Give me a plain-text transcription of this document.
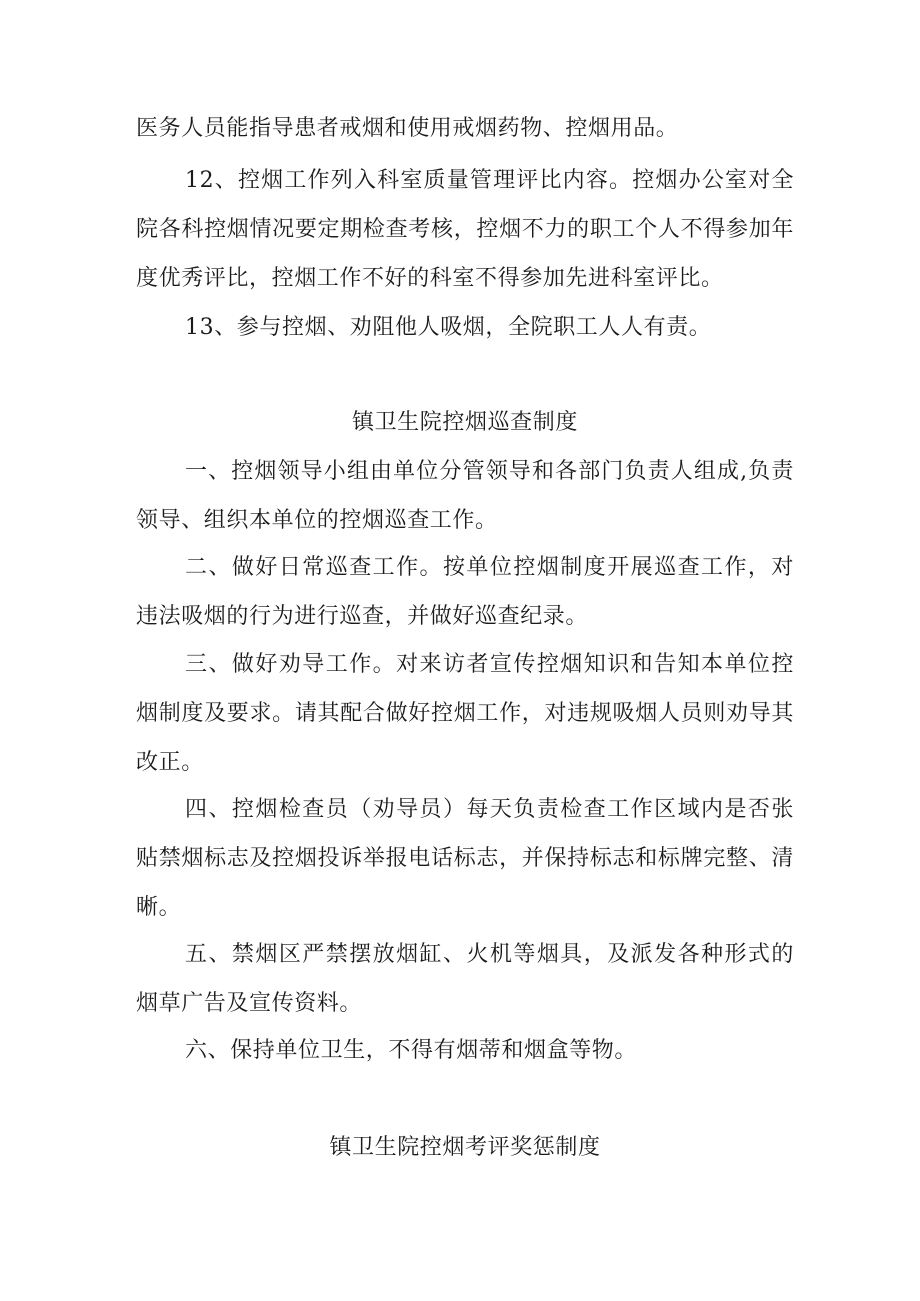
医务人员能指导患者戒烟和使用戒烟药物、控烟用品。

12、控烟工作列入科室质量管理评比内容。控烟办公室对全院各科控烟情况要定期检查考核，控烟不力的职工个人不得参加年度优秀评比，控烟工作不好的科室不得参加先进科室评比。

13、参与控烟、劝阻他人吸烟，全院职工人人有责。

镇卫生院控烟巡查制度

一、控烟领导小组由单位分管领导和各部门负责人组成,负责领导、组织本单位的控烟巡查工作。

二、做好日常巡查工作。按单位控烟制度开展巡查工作，对违法吸烟的行为进行巡查，并做好巡查纪录。

三、做好劝导工作。对来访者宣传控烟知识和告知本单位控烟制度及要求。请其配合做好控烟工作，对违规吸烟人员则劝导其改正。

四、控烟检查员（劝导员）每天负责检查工作区域内是否张贴禁烟标志及控烟投诉举报电话标志，并保持标志和标牌完整、清晰。

五、禁烟区严禁摆放烟缸、火机等烟具，及派发各种形式的烟草广告及宣传资料。

六、保持单位卫生，不得有烟蒂和烟盒等物。

镇卫生院控烟考评奖惩制度
